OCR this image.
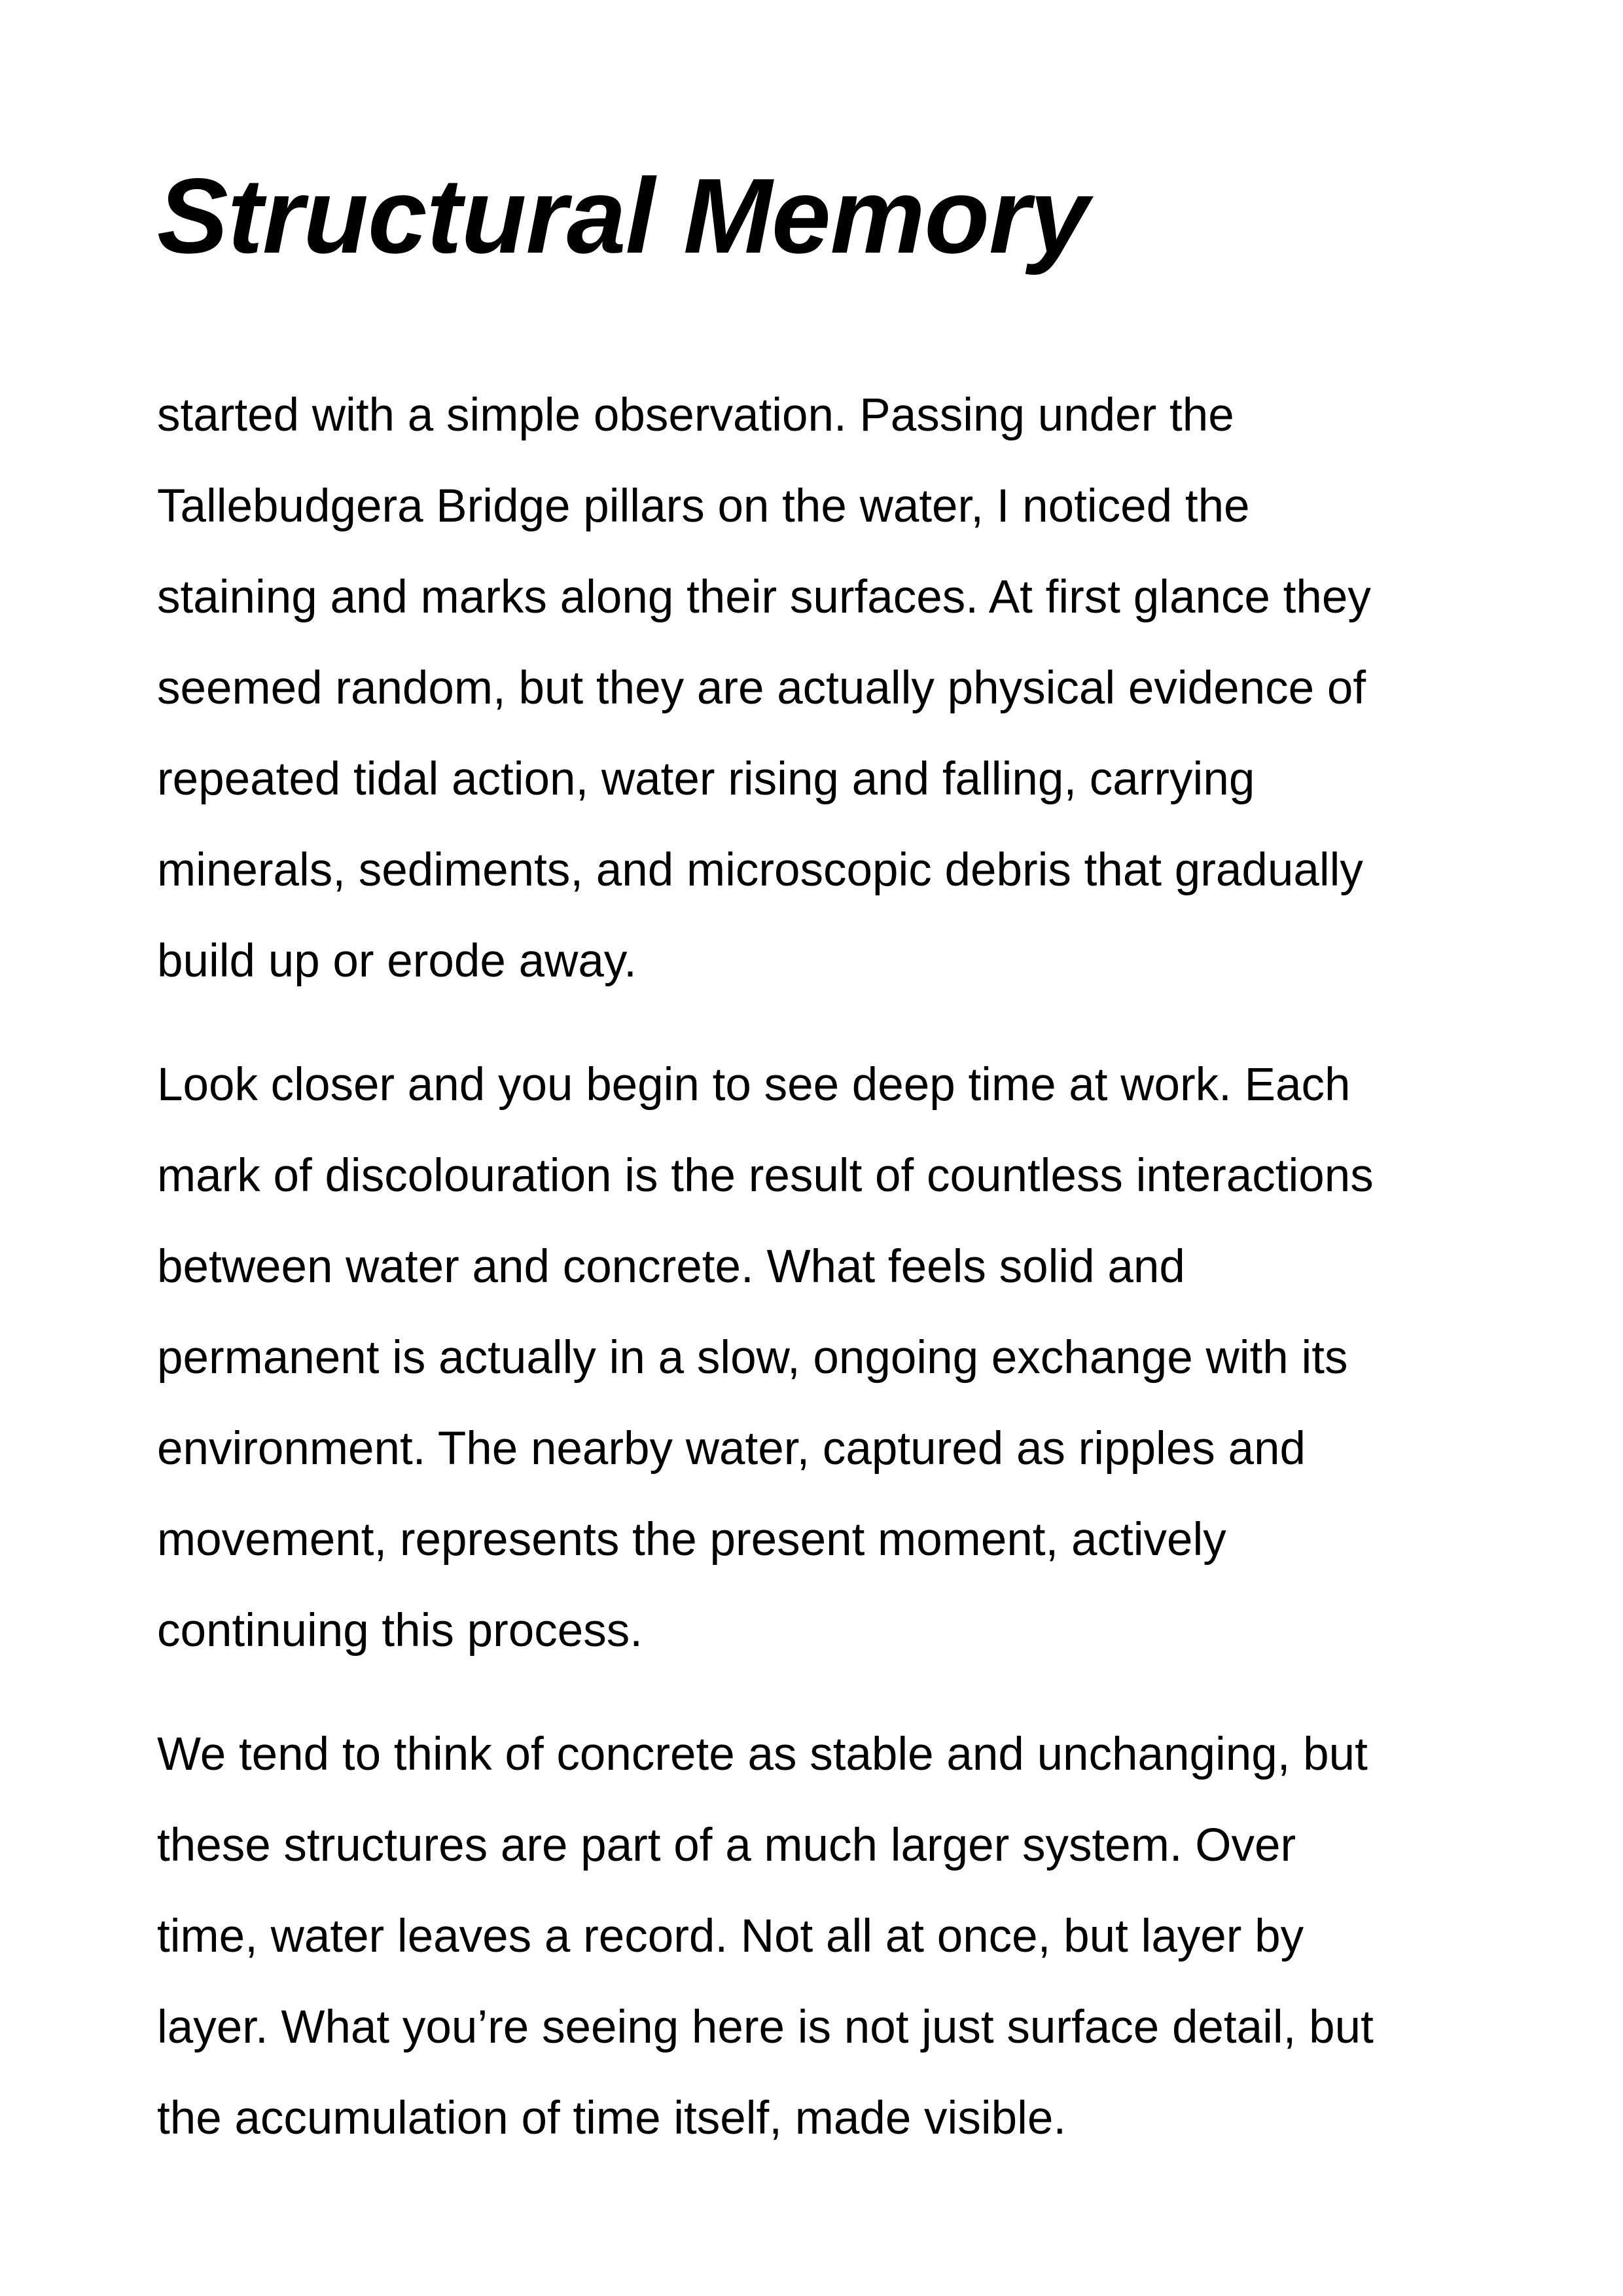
Structural Memory

started with a simple observation. Passing under the
Tallebudgera Bridge pillars on the water, I noticed the
staining and marks along their surfaces. At first glance they
seemed random, but they are actually physical evidence of
repeated tidal action, water rising and falling, carrying
minerals, sediments, and microscopic debris that gradually
build up or erode away.

Look closer and you begin to see deep time at work. Each
mark of discolouration is the result of countless interactions
between water and concrete. What feels solid and
permanent is actually in a slow, ongoing exchange with its
environment. The nearby water, captured as ripples and
movement, represents the present moment, actively
continuing this process.

We tend to think of concrete as stable and unchanging, but
these structures are part of a much larger system. Over
time, water leaves a record. Not all at once, but layer by
layer. What you’re seeing here is not just surface detail, but
the accumulation of time itself, made visible.
